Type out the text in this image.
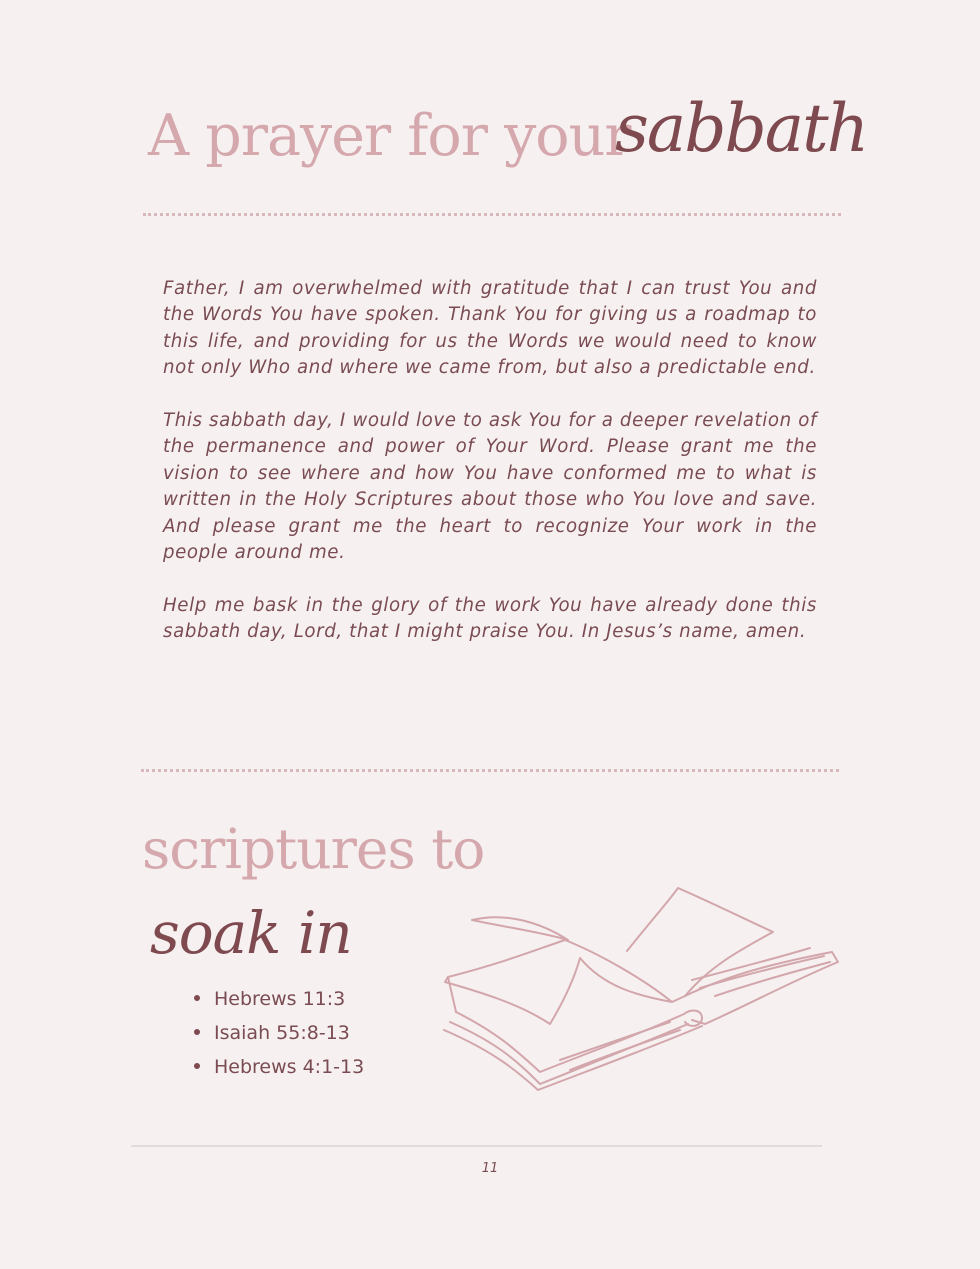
A prayer for your
sabbath

Father, I am overwhelmed with gratitude that I can trust You and the Words You have spoken. Thank You for giving us a roadmap to this life, and providing for us the Words we would need to know not only Who and where we came from, but also a predictable end.

This sabbath day, I would love to ask You for a deeper revelation of the permanence and power of Your Word. Please grant me the vision to see where and how You have conformed me to what is written in the Holy Scriptures about those who You love and save. And please grant me the heart to recognize Your work in the people around me.

Help me bask in the glory of the work You have already done this sabbath day, Lord, that I might praise You. In Jesus’s name, amen.

scriptures to
soak in
Hebrews 11:3
Isaiah 55:8-13
Hebrews 4:1-13
11
